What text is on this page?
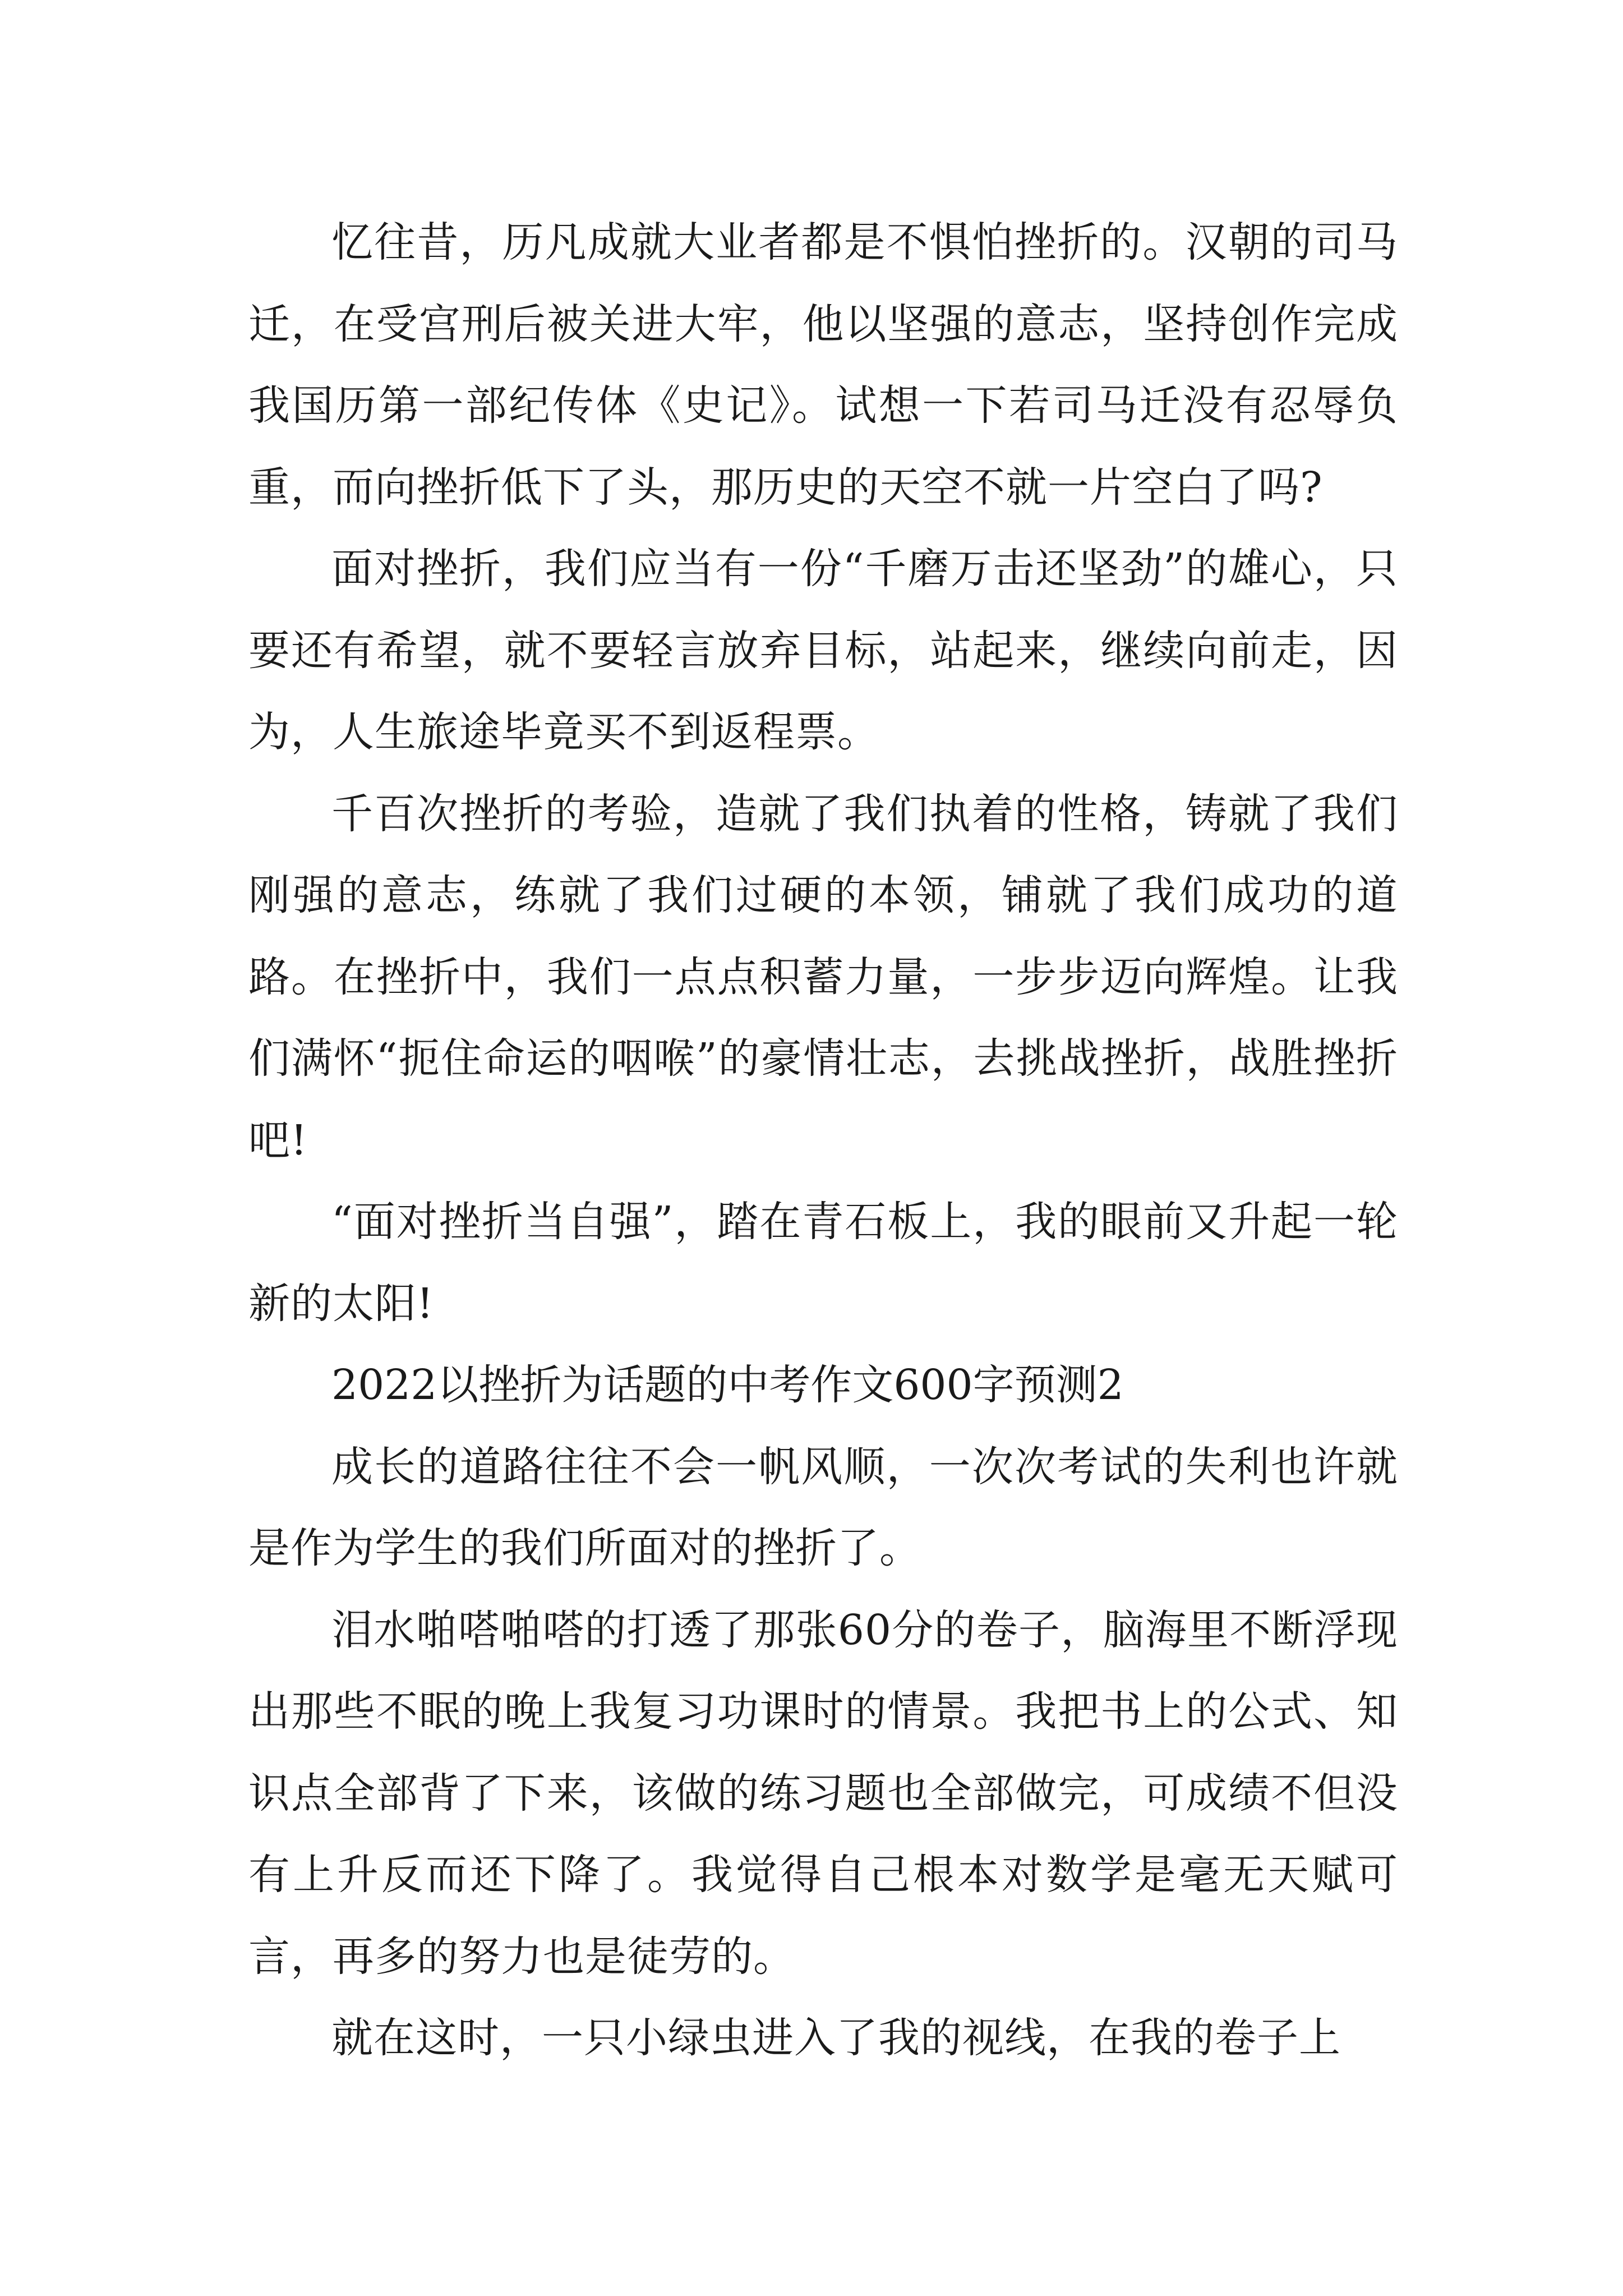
忆往昔，历凡成就大业者都是不惧怕挫折的。汉朝的司马迁，在受宫刑后被关进大牢，他以坚强的意志，坚持创作完成我国历第一部纪传体《史记》。试想一下若司马迁没有忍辱负重，而向挫折低下了头，那历史的天空不就一片空白了吗?

面对挫折，我们应当有一份“千磨万击还坚劲”的雄心，只要还有希望，就不要轻言放弃目标，站起来，继续向前走，因为，人生旅途毕竟买不到返程票。

千百次挫折的考验，造就了我们执着的性格，铸就了我们刚强的意志，练就了我们过硬的本领，铺就了我们成功的道路。在挫折中，我们一点点积蓄力量，一步步迈向辉煌。让我们满怀“扼住命运的咽喉”的豪情壮志，去挑战挫折，战胜挫折吧!

“面对挫折当自强”，踏在青石板上，我的眼前又升起一轮新的太阳!

2022以挫折为话题的中考作文600字预测2

成长的道路往往不会一帆风顺，一次次考试的失利也许就是作为学生的我们所面对的挫折了。

泪水啪嗒啪嗒的打透了那张60分的卷子，脑海里不断浮现出那些不眠的晚上我复习功课时的情景。我把书上的公式、知识点全部背了下来，该做的练习题也全部做完，可成绩不但没有上升反而还下降了。我觉得自己根本对数学是毫无天赋可言，再多的努力也是徒劳的。

就在这时，一只小绿虫进入了我的视线，在我的卷子上
